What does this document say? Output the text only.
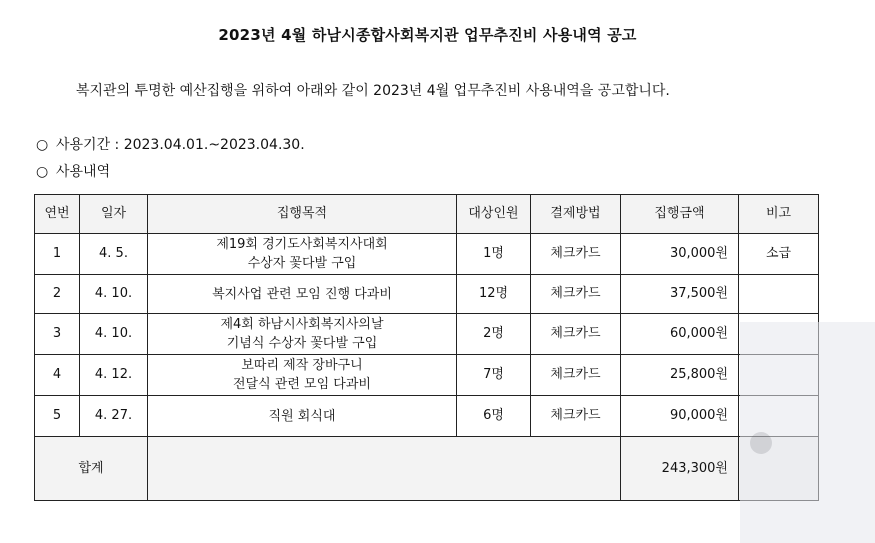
2023년 4월 하남시종합사회복지관 업무추진비 사용내역 공고
복지관의 투명한 예산집행을 위하여 아래와 같이 2023년 4월 업무추진비 사용내역을 공고합니다.
○ 사용기간 : 2023.04.01.~2023.04.30.
○ 사용내역
연번	일자	집행목적	대상인원	결제방법	집행금액	비고
1	4. 5.	제19회 경기도사회복지사대회
수상자 꽃다발 구입	1명	체크카드	30,000원	소급
2	4. 10.	복지사업 관련 모임 진행 다과비	12명	체크카드	37,500원	
3	4. 10.	제4회 하남시사회복지사의날
기념식 수상자 꽃다발 구입	2명	체크카드	60,000원	
4	4. 12.	보따리 제작 장바구니
전달식 관련 모임 다과비	7명	체크카드	25,800원	
5	4. 27.	직원 회식대	6명	체크카드	90,000원	
합계					243,300원	
